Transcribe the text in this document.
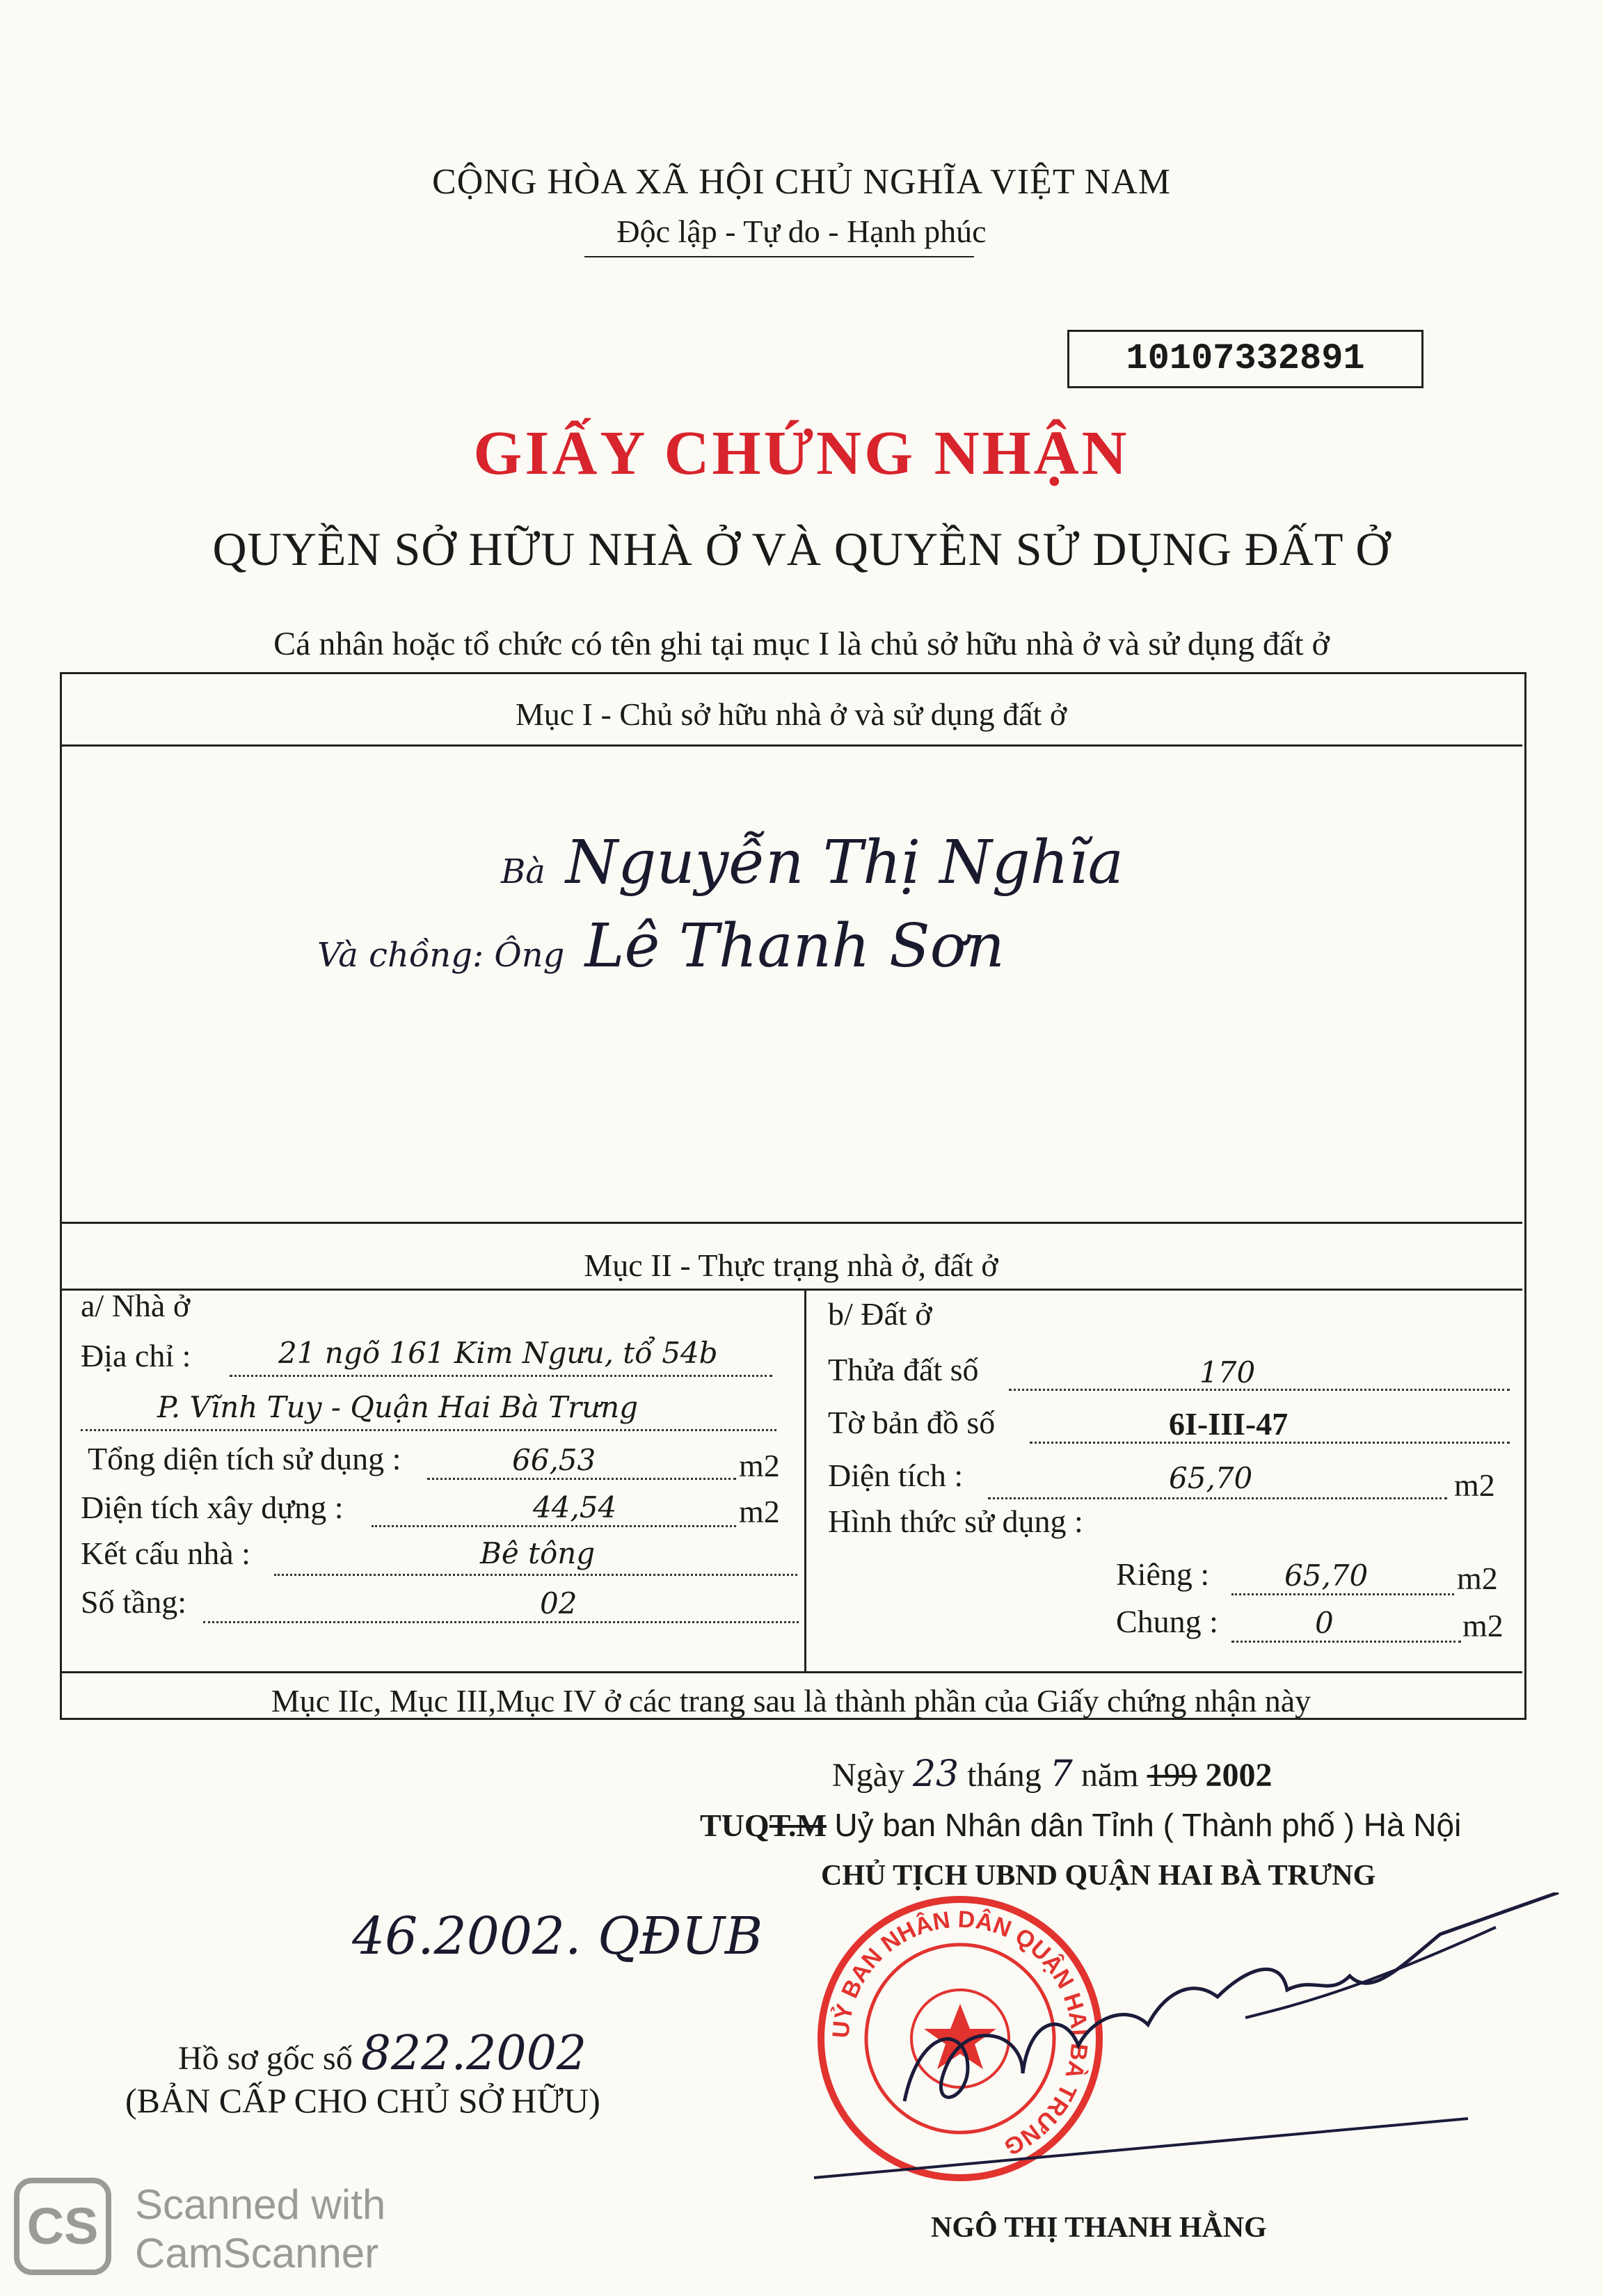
CỘNG HÒA XÃ HỘI CHỦ NGHĨA VIỆT NAM
Độc lập - Tự do - Hạnh phúc
10107332891
GIẤY CHỨNG NHẬN
QUYỀN SỞ HỮU NHÀ Ở VÀ QUYỀN SỬ DỤNG ĐẤT Ở
Cá nhân hoặc tổ chức có tên ghi tại mục I là chủ sở hữu nhà ở và sử dụng đất ở
Mục I - Chủ sở hữu nhà ở và sử dụng đất ở
Bà Nguyễn Thị Nghĩa
Và chồng: Ông Lê Thanh Sơn
Mục II - Thực trạng nhà ở, đất ở
a/ Nhà ở
Địa chỉ :	21 ngõ 161 Kim Ngưu, tổ 54b
P. Vĩnh Tuy - Quận Hai Bà Trưng
Tổng diện tích sử dụng :	66,53	m2
Diện tích xây dựng :	44,54	m2
Kết cấu nhà :	Bê tông
Số tầng:	02
b/ Đất ở
Thửa đất số	170
Tờ bản đồ số	6I-III-47
Diện tích :	65,70	m2
Hình thức sử dụng :
Riêng :	65,70	m2
Chung :	0	m2
Mục IIc, Mục III,Mục IV ở các trang sau là thành phần của Giấy chứng nhận này
Ngày 23 tháng 7 năm 199 2002
TUQT.M Uỷ ban Nhân dân Tỉnh ( Thành phố ) Hà Nội
CHỦ TỊCH UBND QUẬN HAI BÀ TRƯNG
UỶ BAN NHÂN DÂN QUẬN HAI BÀ TRƯNG
NGÔ THỊ THANH HẰNG
46.2002. QĐUB
Hồ sơ gốc số 822.2002
(BẢN CẤP CHO CHỦ SỞ HỮU)
CS Scanned with
CamScanner
